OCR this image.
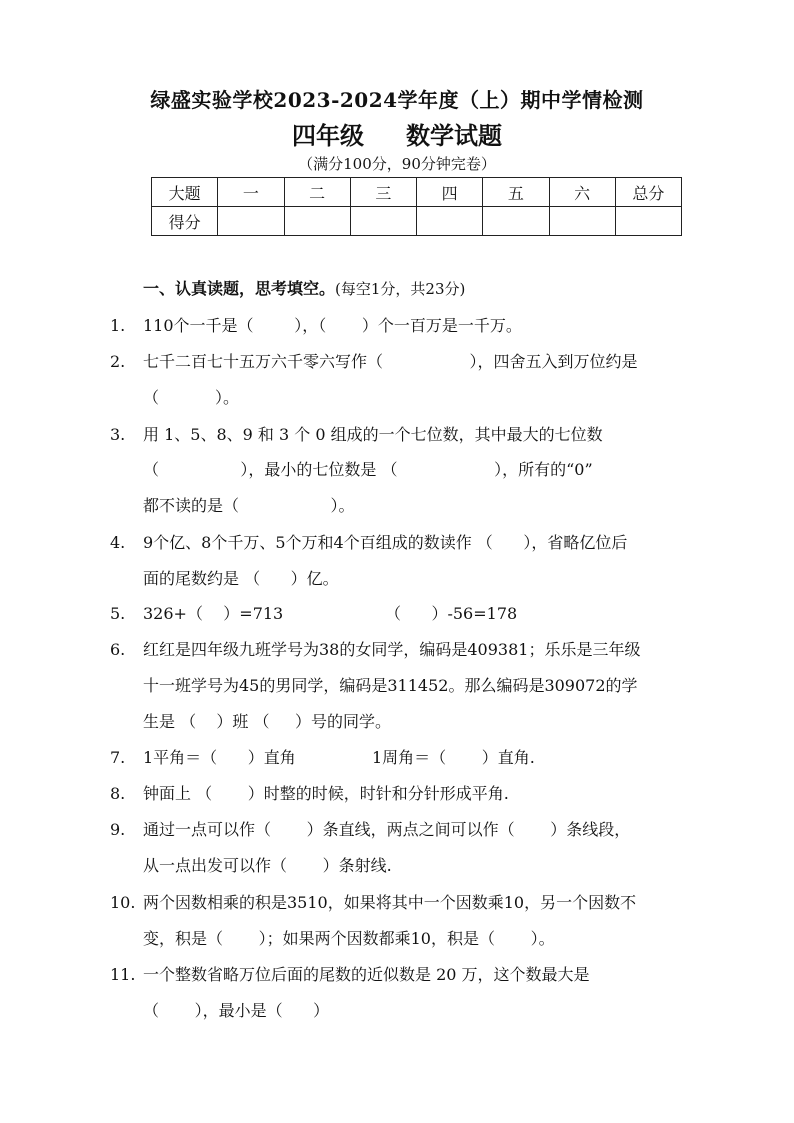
绿盛实验学校2023-2024学年度（上）期中学情检测
四年级 数学试题
（满分100分，90分钟完卷）
大题	一	二	三	四	五	六	总分
得分							
一、认真读题，思考填空。(每空1分，共23分)
1. 110个一千是（        ），（       ）个一百万是一千万。
2. 七千二百七十五万六千零六写作（                 ），四舍五入到万位约是
（           ）。
3. 用 1、5、8、9 和 3 个 0 组成的一个七位数，其中最大的七位数
（                ），最小的七位数是 （                   ），所有的“0”
都不读的是（                  ）。
4. 9个亿、8个千万、5个万和4个百组成的数读作 （      ），省略亿位后
面的尾数约是 （      ）亿。
5. 326+（    ）=713                    （      ）-56=178
6. 红红是四年级九班学号为38的女同学，编码是409381；乐乐是三年级
十一班学号为45的男同学，编码是311452。那么编码是309072的学
生是 （    ）班 （     ）号的同学。
7. 1平角＝（      ）直角               1周角＝（       ）直角.
8. 钟面上 （       ）时整的时候，时针和分针形成平角.
9. 通过一点可以作（       ）条直线，两点之间可以作（       ）条线段，
从一点出发可以作（       ）条射线.
10. 两个因数相乘的积是3510，如果将其中一个因数乘10，另一个因数不
变，积是（       ）；如果两个因数都乘10，积是（       ）。
11. 一个整数省略万位后面的尾数的近似数是 20 万，这个数最大是
（       ），最小是（      ）
